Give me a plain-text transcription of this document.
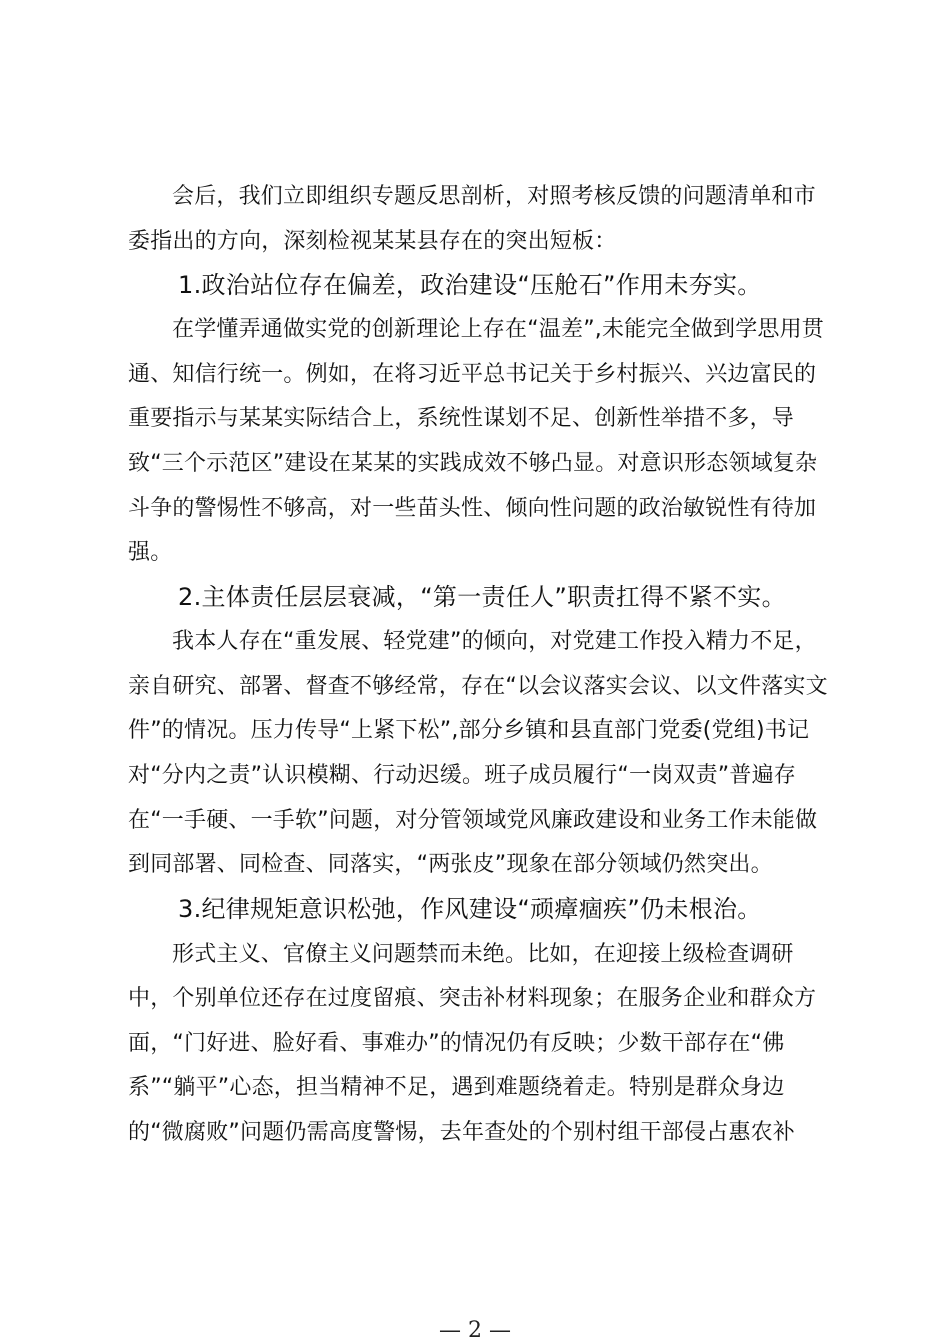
会后，我们立即组织专题反思剖析，对照考核反馈的问题清单和市
委指出的方向，深刻检视某某县存在的突出短板：
1.政治站位存在偏差，政治建设“压舱石”作用未夯实。
在学懂弄通做实党的创新理论上存在“温差”,未能完全做到学思用贯
通、知信行统一。例如，在将习近平总书记关于乡村振兴、兴边富民的
重要指示与某某实际结合上，系统性谋划不足、创新性举措不多，导
致“三个示范区”建设在某某的实践成效不够凸显。对意识形态领域复杂
斗争的警惕性不够高，对一些苗头性、倾向性问题的政治敏锐性有待加
强。
2.主体责任层层衰减，“第一责任人”职责扛得不紧不实。
我本人存在“重发展、轻党建”的倾向，对党建工作投入精力不足，
亲自研究、部署、督查不够经常，存在“以会议落实会议、以文件落实文
件”的情况。压力传导“上紧下松”,部分乡镇和县直部门党委(党组)书记
对“分内之责”认识模糊、行动迟缓。班子成员履行“一岗双责”普遍存
在“一手硬、一手软”问题，对分管领域党风廉政建设和业务工作未能做
到同部署、同检查、同落实，“两张皮”现象在部分领域仍然突出。
3.纪律规矩意识松弛，作风建设“顽瘴痼疾”仍未根治。
形式主义、官僚主义问题禁而未绝。比如，在迎接上级检查调研
中，个别单位还存在过度留痕、突击补材料现象；在服务企业和群众方
面，“门好进、脸好看、事难办”的情况仍有反映；少数干部存在“佛
系”“躺平”心态，担当精神不足，遇到难题绕着走。特别是群众身边
的“微腐败”问题仍需高度警惕，去年查处的个别村组干部侵占惠农补
— 2 —
